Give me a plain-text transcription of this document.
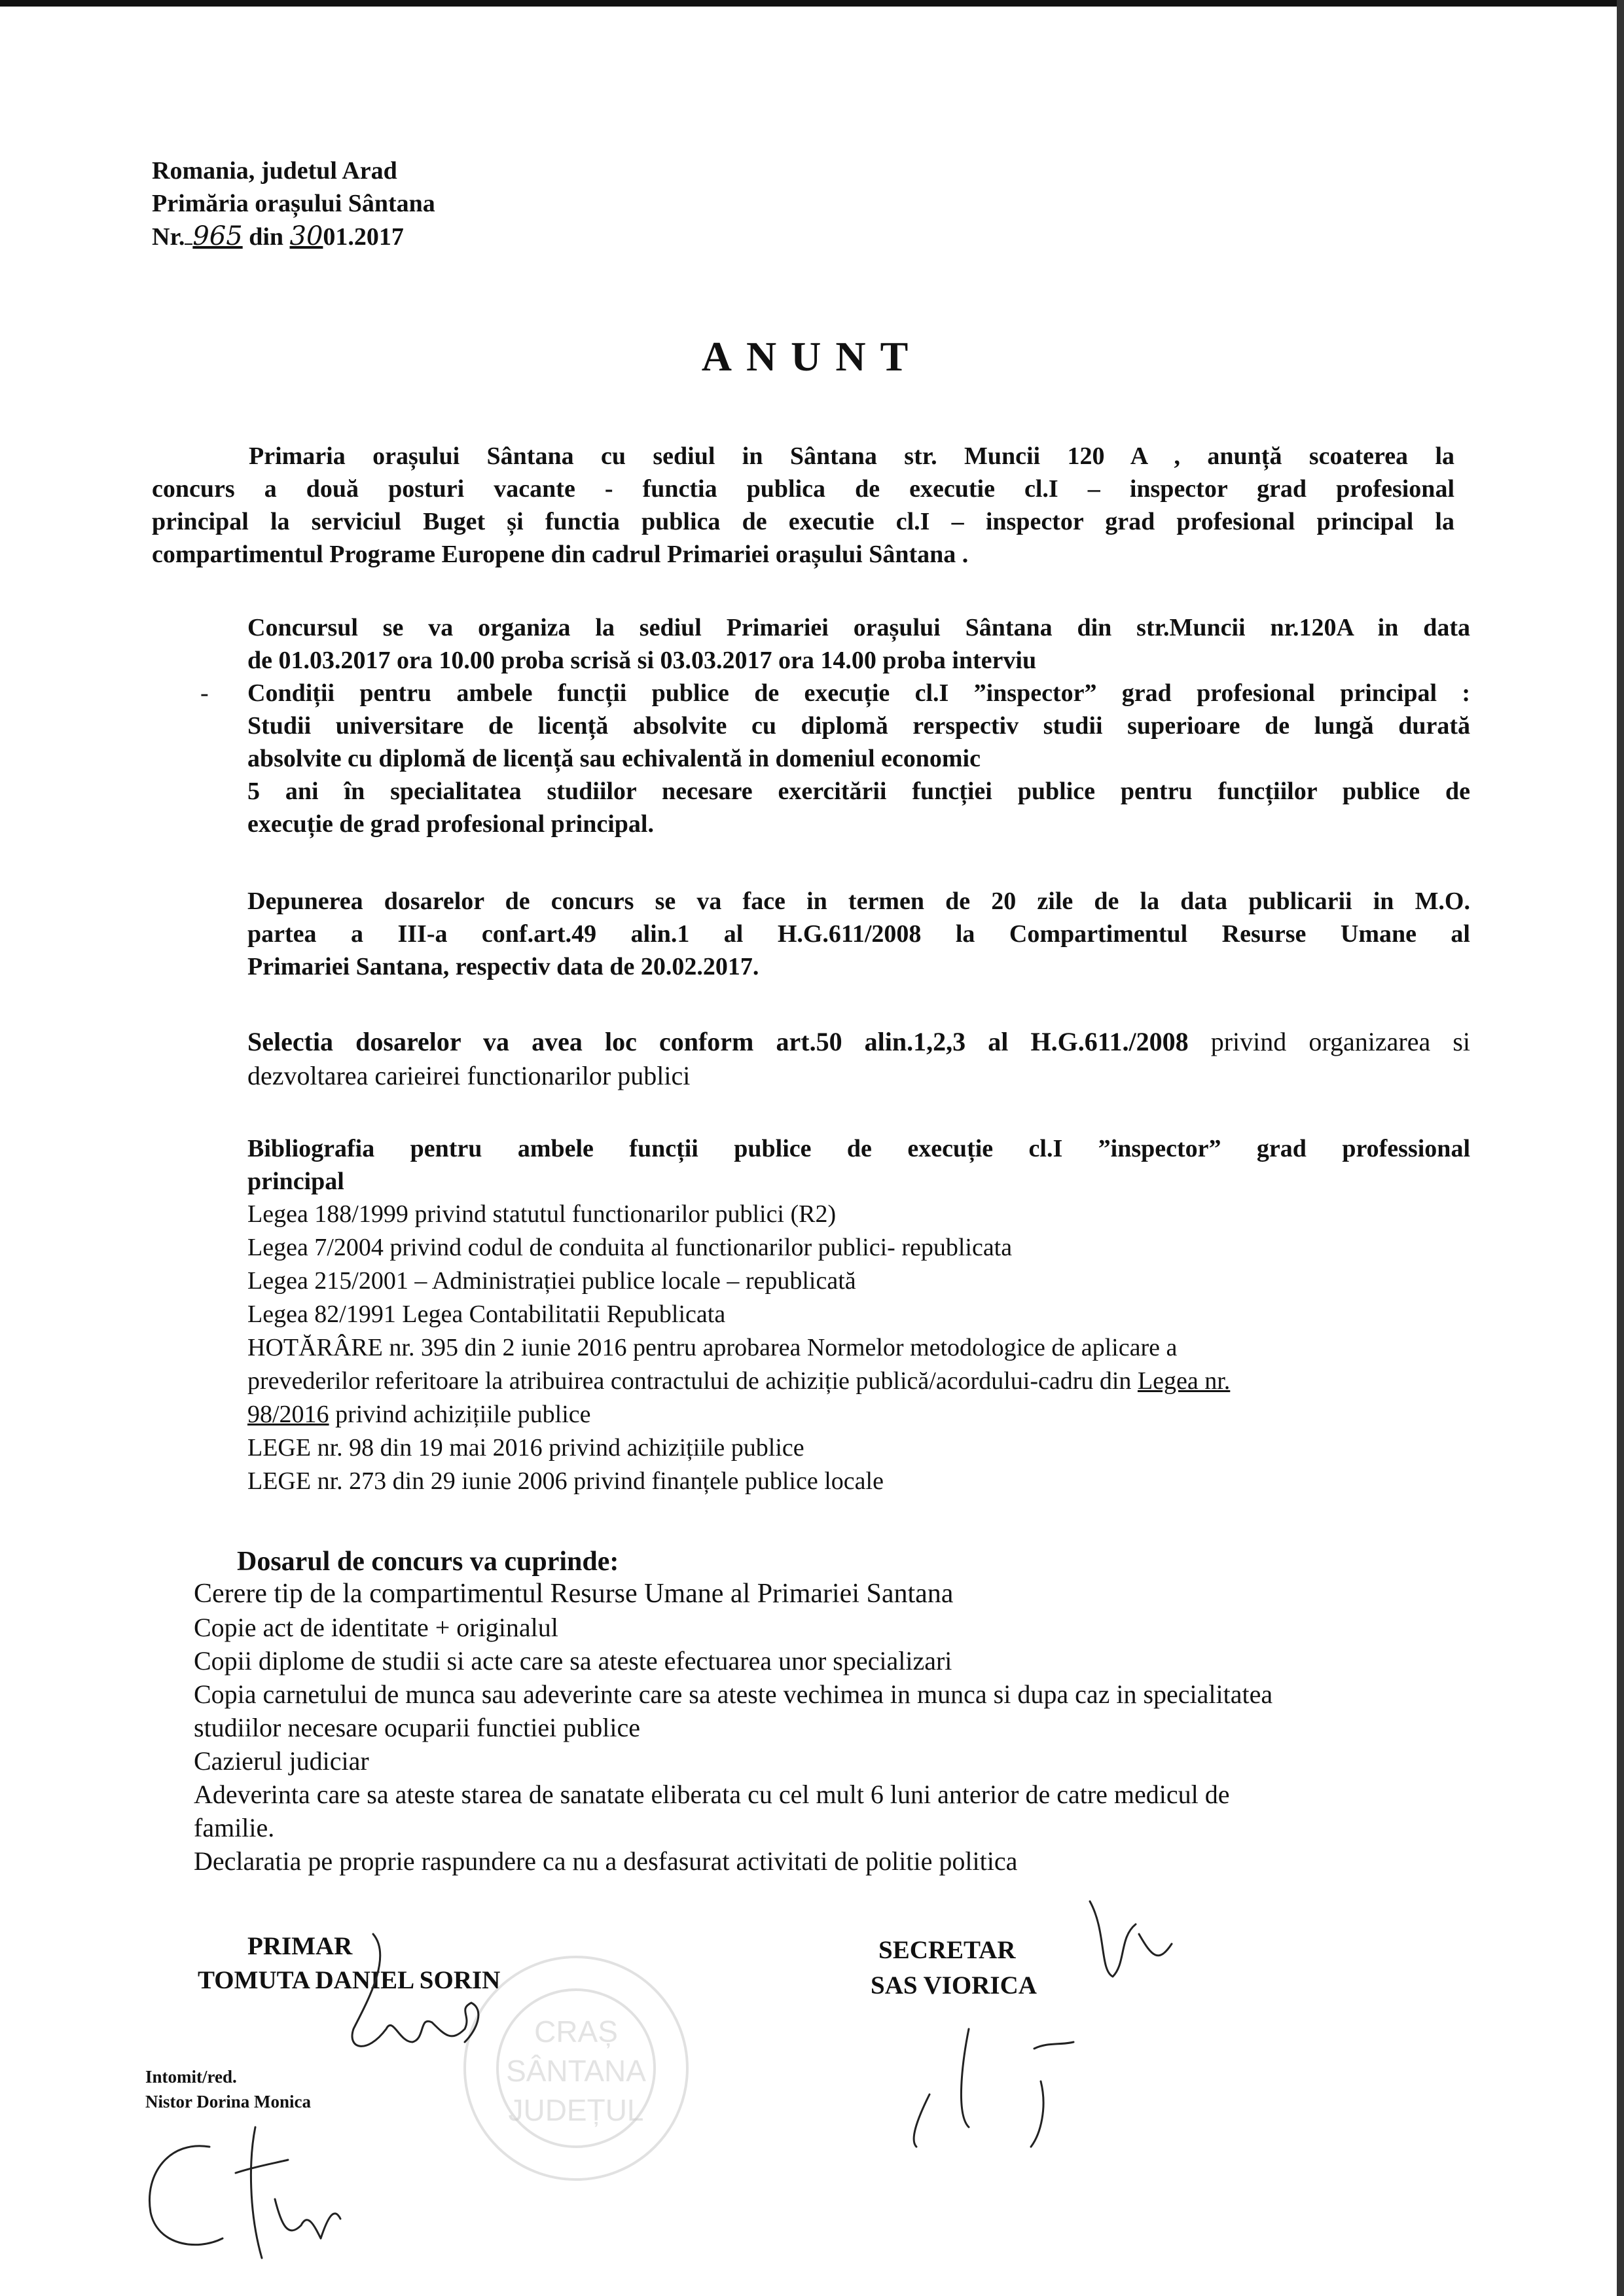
Romania, judetul Arad
Primăria orașului Sântana
Nr. 965 din 3001.2017
ANUNT
Primaria orașului Sântana cu sediul in Sântana str. Muncii 120 A , anunță scoaterea la
concurs a două posturi vacante - functia publica de executie cl.I – inspector grad profesional
principal la serviciul Buget și functia publica de executie cl.I – inspector grad profesional principal la
compartimentul Programe Europene din cadrul Primariei orașului Sântana .
Concursul se va organiza la sediul Primariei orașului Sântana din str.Muncii nr.120A in data
de 01.03.2017 ora 10.00 proba scrisă si 03.03.2017 ora 14.00 proba interviu
Condiții pentru ambele funcții publice de execuție cl.I ”inspector” grad profesional principal :
Studii universitare de licență absolvite cu diplomă rerspectiv studii superioare de lungă durată
absolvite cu diplomă de licență sau echivalentă in domeniul economic
5 ani în specialitatea studiilor necesare exercitării funcției publice pentru funcțiilor publice de
execuție de grad profesional principal.
-
Depunerea dosarelor de concurs se va face in termen de 20 zile de la data publicarii in M.O.
partea a III-a conf.art.49 alin.1 al H.G.611/2008 la Compartimentul Resurse Umane al
Primariei Santana, respectiv data de 20.02.2017.
Selectia dosarelor va avea loc conform art.50 alin.1,2,3 al H.G.611./2008 privind organizarea si
dezvoltarea carieirei functionarilor publici
Bibliografia pentru ambele funcții publice de execuție cl.I ”inspector” grad professional
principal
Legea 188/1999 privind statutul functionarilor publici (R2)
Legea 7/2004 privind codul de conduita al functionarilor publici- republicata
Legea 215/2001 – Administrației publice locale – republicată
Legea 82/1991 Legea Contabilitatii Republicata
HOTĂRÂRE nr. 395 din 2 iunie 2016 pentru aprobarea Normelor metodologice de aplicare a
prevederilor referitoare la atribuirea contractului de achiziție publică/acordului-cadru din Legea nr.
98/2016 privind achizițiile publice
LEGE nr. 98 din 19 mai 2016 privind achizițiile publice
LEGE nr. 273 din 29 iunie 2006 privind finanțele publice locale
Dosarul de concurs va cuprinde:
Cerere tip de la compartimentul Resurse Umane al Primariei Santana
Copie act de identitate + originalul
Copii diplome de studii si acte care sa ateste efectuarea unor specializari
Copia carnetului de munca sau adeverinte care sa ateste vechimea in munca si dupa caz in specialitatea
studiilor necesare ocuparii functiei publice
Cazierul judiciar
Adeverinta care sa ateste starea de sanatate eliberata cu cel mult 6 luni anterior de catre medicul de
familie.
Declaratia pe proprie raspundere ca nu a desfasurat activitati de politie politica
CRAȘ
SÂNTANA
JUDEȚUL
PRIMAR
TOMUTA DANIEL SORIN
SECRETAR
SAS VIORICA
Intomit/red.
Nistor Dorina Monica
